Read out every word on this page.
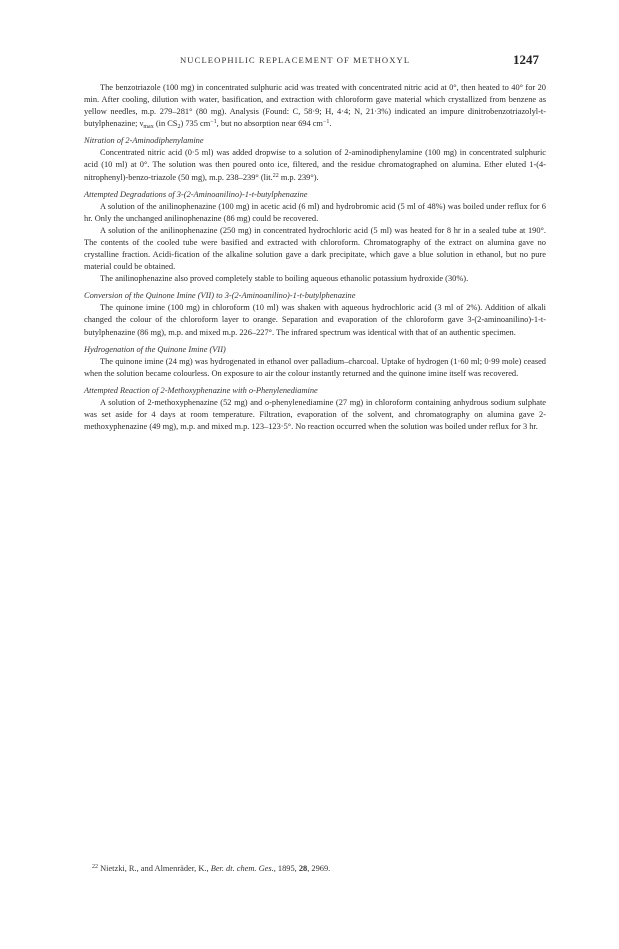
NUCLEOPHILIC REPLACEMENT OF METHOXYL	1247

The benzotriazole (100 mg) in concentrated sulphuric acid was treated with concentrated nitric acid at 0°, then heated to 40° for 20 min. After cooling, dilution with water, basification, and extraction with chloroform gave material which crystallized from benzene as yellow needles, m.p. 279–281° (80 mg). Analysis (Found: C, 58·9; H, 4·4; N, 21·3%) indicated an impure dinitrobenzotriazolyl-t-butylphenazine; $\nu_{max}$ (in $CS_2$) 735 $cm^{-1}$, but no absorption near 694 $cm^{-1}$.

Nitration of 2-Aminodiphenylamine

Concentrated nitric acid (0·5 ml) was added dropwise to a solution of 2-aminodiphenylamine (100 mg) in concentrated sulphuric acid (10 ml) at 0°. The solution was then poured onto ice, filtered, and the residue chromatographed on alumina. Ether eluted 1-(4-nitrophenyl)-benzo-triazole (50 mg), m.p. 238–239° (lit.$^{22}$ m.p. 239°).

Attempted Degradations of 3-(2-Aminoanilino)-1-t-butylphenazine

A solution of the anilinophenazine (100 mg) in acetic acid (6 ml) and hydrobromic acid (5 ml of 48%) was boiled under reflux for 6 hr. Only the unchanged anilinophenazine (86 mg) could be recovered.

A solution of the anilinophenazine (250 mg) in concentrated hydrochloric acid (5 ml) was heated for 8 hr in a sealed tube at 190°. The contents of the cooled tube were basified and extracted with chloroform. Chromatography of the extract on alumina gave no crystalline fraction. Acidi-fication of the alkaline solution gave a dark precipitate, which gave a blue solution in ethanol, but no pure material could be obtained.

The anilinophenazine also proved completely stable to boiling aqueous ethanolic potassium hydroxide (30%).

Conversion of the Quinone Imine (VII) to 3-(2-Aminoanilino)-1-t-butylphenazine

The quinone imine (100 mg) in chloroform (10 ml) was shaken with aqueous hydrochloric acid (3 ml of 2%). Addition of alkali changed the colour of the chloroform layer to orange. Separation and evaporation of the chloroform gave 3-(2-aminoanilino)-1-t-butylphenazine (86 mg), m.p. and mixed m.p. 226–227°. The infrared spectrum was identical with that of an authentic specimen.

Hydrogenation of the Quinone Imine (VII)

The quinone imine (24 mg) was hydrogenated in ethanol over palladium–charcoal. Uptake of hydrogen (1·60 ml; 0·99 mole) ceased when the solution became colourless. On exposure to air the colour instantly returned and the quinone imine itself was recovered.

Attempted Reaction of 2-Methoxyphenazine with o-Phenylenediamine

A solution of 2-methoxyphenazine (52 mg) and o-phenylenediamine (27 mg) in chloroform containing anhydrous sodium sulphate was set aside for 4 days at room temperature. Filtration, evaporation of the solvent, and chromatography on alumina gave 2-methoxyphenazine (49 mg), m.p. and mixed m.p. 123–123·5°. No reaction occurred when the solution was boiled under reflux for 3 hr.

$^{22}$ Nietzki, R., and Almenräder, K., Ber. dt. chem. Ges., 1895, 28, 2969.
